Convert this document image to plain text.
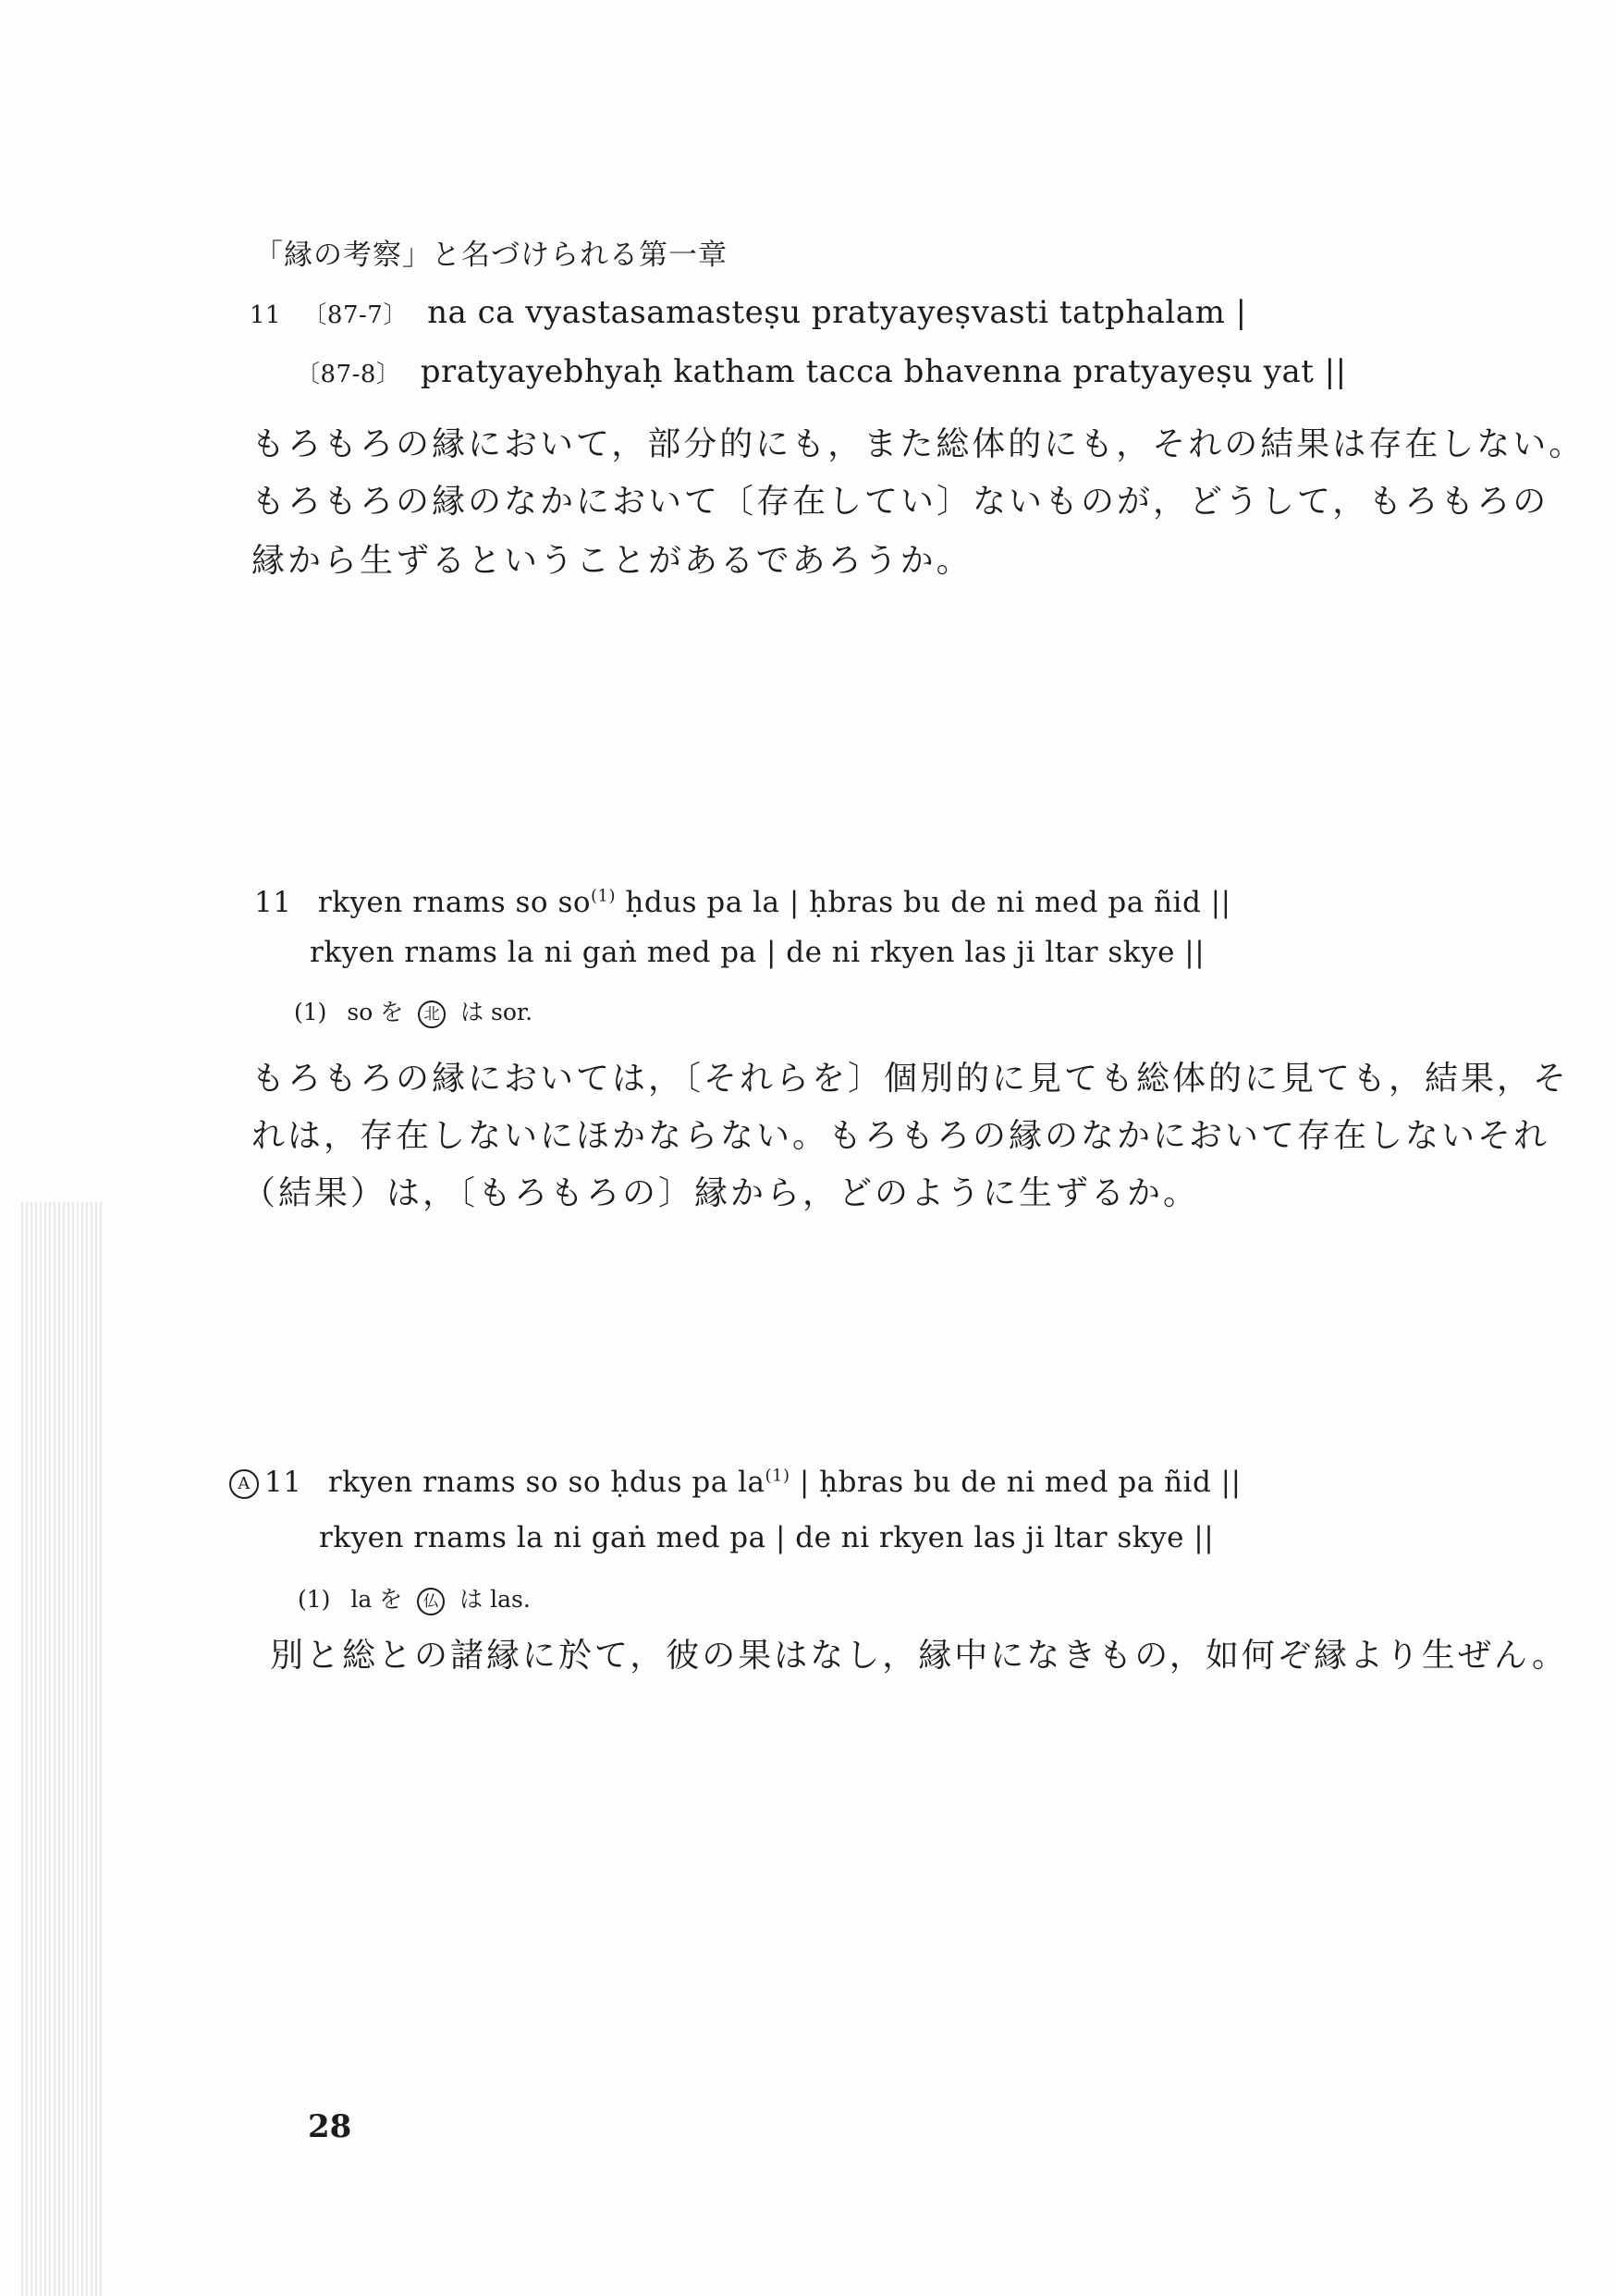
「縁の考察」と名づけられる第一章
11 〔87-7〕 na ca vyastasamasteṣu pratyayeṣvasti tatphalam |
〔87-8〕 pratyayebhyaḥ katham tacca bhavenna pratyayeṣu yat ||
もろもろの縁において，部分的にも，また総体的にも，それの結果は存在しない。
もろもろの縁のなかにおいて〔存在してい〕ないものが，どうして，もろもろの
縁から生ずるということがあるであろうか。
11 rkyen rnams so $so^{(1)}$ ḥdus pa la | ḥbras bu de ni med pa ñid ||
rkyen rnams la ni gaṅ med pa | de ni rkyen las ji ltar skye ||
(1) so を 北 は sor.
もろもろの縁においては，〔それらを〕個別的に見ても総体的に見ても，結果，そ
れは，存在しないにほかならない。もろもろの縁のなかにおいて存在しないそれ
（結果）は，〔もろもろの〕縁から，どのように生ずるか。
A 11 rkyen rnams so so ḥdus pa $la^{(1)}$ | ḥbras bu de ni med pa ñid ||
rkyen rnams la ni gaṅ med pa | de ni rkyen las ji ltar skye ||
(1) la を 仏 は las.
別と総との諸縁に於て，彼の果はなし，縁中になきもの，如何ぞ縁より生ぜん。
28
